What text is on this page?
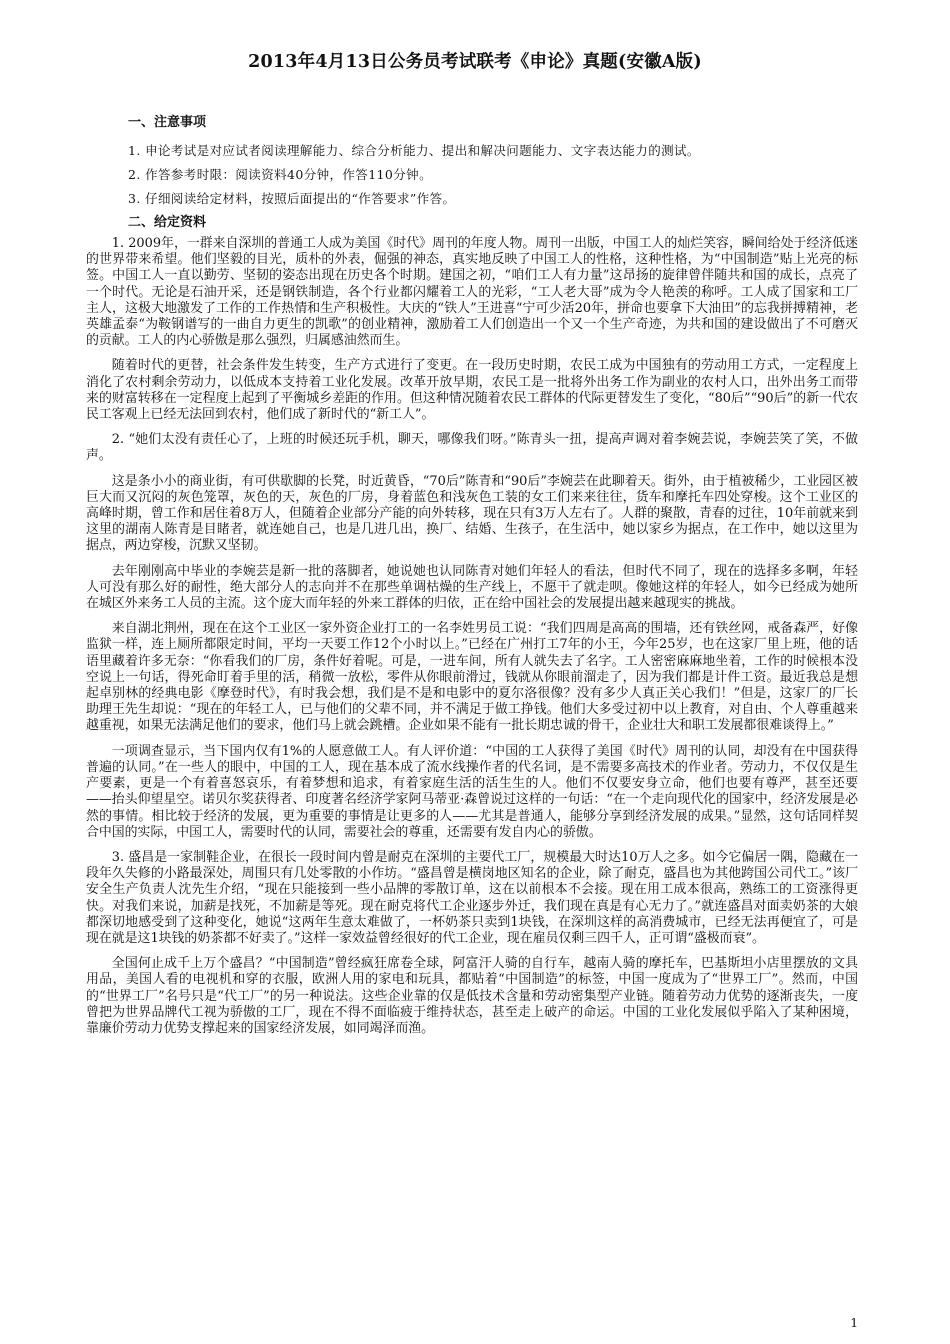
2013年4月13日公务员考试联考《申论》真题(安徽A版)
一、注意事项
1. 申论考试是对应试者阅读理解能力、综合分析能力、提出和解决问题能力、文字表达能力的测试。
2. 作答参考时限：阅读资料40分钟，作答110分钟。
3. 仔细阅读给定材料，按照后面提出的“作答要求”作答。
二、给定资料

1. 2009年，一群来自深圳的普通工人成为美国《时代》周刊的年度人物。周刊一出版，中国工人的灿烂笑容，瞬间给处于经济低迷的世界带来希望。他们坚毅的目光，质朴的外表，倔强的神态，真实地反映了中国工人的性格，这种性格，为“中国制造”贴上光亮的标签。中国工人一直以勤劳、坚韧的姿态出现在历史各个时期。建国之初，“咱们工人有力量”这昂扬的旋律曾伴随共和国的成长，点亮了一个时代。无论是石油开采，还是钢铁制造，各个行业都闪耀着工人的光彩，“工人老大哥”成为令人艳羡的称呼。工人成了国家和工厂主人，这极大地激发了工作的工作热情和生产积极性。大庆的“铁人”王进喜“宁可少活20年，拼命也要拿下大油田”的忘我拼搏精神，老英雄孟泰“为鞍钢谱写的一曲自力更生的凯歌”的创业精神，激励着工人们创造出一个又一个生产奇迹，为共和国的建设做出了不可磨灭的贡献。工人的内心骄傲是那么强烈，归属感油然而生。

随着时代的更替，社会条件发生转变，生产方式进行了变更。在一段历史时期，农民工成为中国独有的劳动用工方式，一定程度上消化了农村剩余劳动力，以低成本支持着工业化发展。改革开放早期，农民工是一批将外出务工作为副业的农村人口，出外出务工而带来的财富转移在一定程度上起到了平衡城乡差距的作用。但这种情况随着农民工群体的代际更替发生了变化，“80后”“90后”的新一代农民工客观上已经无法回到农村，他们成了新时代的“新工人”。

2. “她们太没有责任心了，上班的时候还玩手机，聊天，哪像我们呀。”陈青头一扭，提高声调对着李婉芸说，李婉芸笑了笑，不做声。

这是条小小的商业街，有可供歇脚的长凳，时近黄昏，“70后”陈青和“90后”李婉芸在此聊着天。街外，由于植被稀少，工业园区被巨大而又沉闷的灰色笼罩，灰色的天，灰色的厂房，身着蓝色和浅灰色工装的女工们来来往往，货车和摩托车四处穿梭。这个工业区的高峰时期，曾工作和居住着8万人，但随着企业部分产能的向外转移，现在只有3万人左右了。人群的聚散，青春的过往，10年前就来到这里的湖南人陈青是目睹者，就连她自己，也是几进几出，换厂、结婚、生孩子，在生活中，她以家乡为据点，在工作中，她以这里为据点，两边穿梭，沉默又坚韧。

去年刚刚高中毕业的李婉芸是新一批的落脚者，她说她也认同陈青对她们年轻人的看法，但时代不同了，现在的选择多多啊，年轻人可没有那么好的耐性，绝大部分人的志向并不在那些单调枯燥的生产线上，不愿干了就走呗。像她这样的年轻人，如今已经成为她所在城区外来务工人员的主流。这个庞大而年轻的外来工群体的归依，正在给中国社会的发展提出越来越现实的挑战。

来自湖北荆州，现在在这个工业区一家外资企业打工的一名李姓男员工说：“我们四周是高高的围墙，还有铁丝网，戒备森严，好像监狱一样，连上厕所都限定时间，平均一天要工作12个小时以上。”已经在广州打工7年的小王，今年25岁，也在这家厂里上班，他的话语里藏着许多无奈：“你看我们的厂房，条件好着呢。可是，一进车间，所有人就失去了名字。工人密密麻麻地坐着，工作的时候根本没空说上一句话，得死命盯着手里的活，稍微一放松，零件从你眼前滑过，钱就从你眼前溜走了，因为我们都是计件工资。最近我总是想起卓别林的经典电影《摩登时代》，有时我会想，我们是不是和电影中的夏尔洛很像？没有多少人真正关心我们！”但是，这家厂的厂长助理王先生却说：“现在的年轻工人，已与他们的父辈不同，并不满足于做工挣钱。他们大多受过初中以上教育，对自由、个人尊重越来越重视，如果无法满足他们的要求，他们马上就会跳槽。企业如果不能有一批长期忠诚的骨干，企业壮大和职工发展都很难谈得上。”

一项调查显示，当下国内仅有1%的人愿意做工人。有人评价道：“中国的工人获得了美国《时代》周刊的认同，却没有在中国获得普遍的认同。”在一些人的眼中，中国的工人，现在基本成了流水线操作者的代名词，是不需要多高技术的作业者。劳动力，不仅仅是生产要素，更是一个有着喜怒哀乐，有着梦想和追求，有着家庭生活的活生生的人。他们不仅要安身立命，他们也要有尊严，甚至还要——抬头仰望星空。诺贝尔奖获得者、印度著名经济学家阿马蒂亚·森曾说过这样的一句话：“在一个走向现代化的国家中，经济发展是必然的事情。相比较于经济的发展，更为重要的事情是让更多的人——尤其是普通人，能够分享到经济发展的成果。”显然，这句话同样契合中国的实际，中国工人，需要时代的认同，需要社会的尊重，还需要有发自内心的骄傲。

3. 盛昌是一家制鞋企业，在很长一段时间内曾是耐克在深圳的主要代工厂，规模最大时达10万人之多。如今它偏居一隅，隐藏在一段年久失修的小路最深处，周围只有几处零散的小作坊。“盛昌曾是横岗地区知名的企业，除了耐克，盛昌也为其他跨国公司代工。”该厂安全生产负责人沈先生介绍，“现在只能接到一些小品牌的零散订单，这在以前根本不会接。现在用工成本很高，熟练工的工资涨得更快。对我们来说，加薪是找死，不加薪是等死。现在耐克将代工企业逐步外迁，我们现在真是有心无力了。”就连盛昌对面卖奶茶的大娘都深切地感受到了这种变化，她说“这两年生意太难做了，一杯奶茶只卖到1块钱，在深圳这样的高消费城市，已经无法再便宜了，可是现在就是这1块钱的奶茶都不好卖了。”这样一家效益曾经很好的代工企业，现在雇员仅剩三四千人，正可谓“盛极而衰”。

全国何止成千上万个盛昌？“中国制造”曾经疯狂席卷全球，阿富汗人骑的自行车，越南人骑的摩托车，巴基斯坦小店里摆放的文具用品，美国人看的电视机和穿的衣服，欧洲人用的家电和玩具，都贴着“中国制造”的标签，中国一度成为了“世界工厂”。然而，中国的“世界工厂”名号只是“代工厂”的另一种说法。这些企业靠的仅是低技术含量和劳动密集型产业链。随着劳动力优势的逐渐丧失，一度曾把为世界品牌代工视为骄傲的工厂，现在不得不面临疲于维持状态，甚至走上破产的命运。中国的工业化发展似乎陷入了某种困境，靠廉价劳动力优势支撑起来的国家经济发展，如同竭泽而渔。

1
